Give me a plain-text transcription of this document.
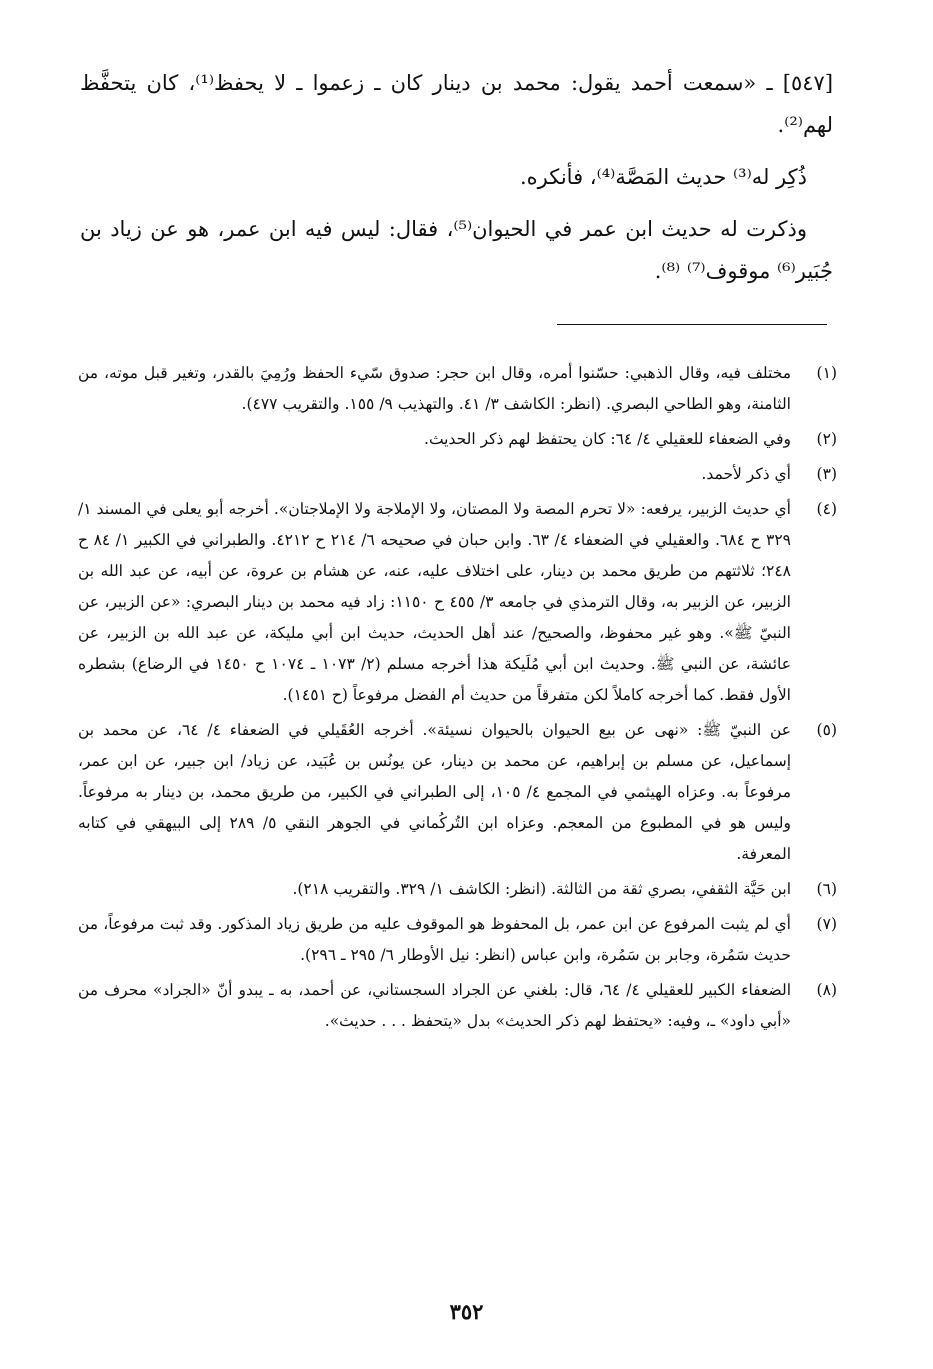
[٥٤٧] ـ «سمعت أحمد يقول: محمد بن دينار كان ـ زعموا ـ لا يحفظ⁽¹⁾، كان يتحفَّظ لهم⁽²⁾.

ذُكِر له⁽³⁾ حديث المَصَّة⁽⁴⁾، فأنكره.

وذكرت له حديث ابن عمر في الحيوان⁽⁵⁾، فقال: ليس فيه ابن عمر، هو عن زياد بن جُبَير⁽⁶⁾ موقوف⁽⁷⁾ ⁽⁸⁾.

(١)
مختلف فيه، وقال الذهبي: حسّنوا أمره، وقال ابن حجر: صدوق سّيء الحفظ ورُمِيَ بالقدر، وتغير قبل موته، من الثامنة، وهو الطاحي البصري. (انظر: الكاشف ٣/ ٤١. والتهذيب ٩/ ١٥٥. والتقريب ٤٧٧).
(٢)
وفي الضعفاء للعقيلي ٤/ ٦٤: كان يحتفظ لهم ذكر الحديث.
(٣)
أي ذكر لأحمد.
(٤)
أي حديث الزبير، يرفعه: «لا تحرم المصة ولا المصتان، ولا الإملاجة ولا الإملاجتان». أخرجه أبو يعلى في المسند ١/ ٣٢٩ ح ٦٨٤. والعقيلي في الضعفاء ٤/ ٦٣. وابن حبان في صحيحه ٦/ ٢١٤ ح ٤٢١٢. والطبراني في الكبير ١/ ٨٤ ح ٢٤٨؛ ثلاثتهم من طريق محمد بن دينار، على اختلاف عليه، عنه، عن هشام بن عروة، عن أبيه، عن عبد الله بن الزبير، عن الزبير به، وقال الترمذي في جامعه ٣/ ٤٥٥ ح ١١٥٠: زاد فيه محمد بن دينار البصري: «عن الزبير، عن النبيّ ﷺ». وهو غير محفوظ، والصحيح/ عند أهل الحديث، حديث ابن أبي مليكة، عن عبد الله بن الزبير، عن عائشة، عن النبي ﷺ. وحديث ابن أبي مُلَيكة هذا أخرجه مسلم (٢/ ١٠٧٣ ـ ١٠٧٤ ح ١٤٥٠ في الرضاع) بشطره الأول فقط. كما أخرجه كاملاً لكن متفرقاً من حديث أم الفضل مرفوعاً (ح ١٤٥١).
(٥)
عن النبيّ ﷺ: «نهى عن بيع الحيوان بالحيوان نسيئة». أخرجه العُقَيلي في الضعفاء ٤/ ٦٤، عن محمد بن إسماعيل، عن مسلم بن إبراهيم، عن محمد بن دينار، عن يونُس بن عُبَيد، عن زياد/ ابن جبير، عن ابن عمر، مرفوعاً به. وعزاه الهيثمي في المجمع ٤/ ١٠٥، إلى الطبراني في الكبير، من طريق محمد، بن دينار به مرفوعاً. وليس هو في المطبوع من المعجم. وعزاه ابن التُركُماني في الجوهر النقي ٥/ ٢٨٩ إلى البيهقي في كتابه المعرفة.
(٦)
ابن حَيَّة الثقفي، بصري ثقة من الثالثة. (انظر: الكاشف ١/ ٣٢٩. والتقريب ٢١٨).
(٧)
أي لم يثبت المرفوع عن ابن عمر، بل المحفوظ هو الموقوف عليه من طريق زياد المذكور. وقد ثبت مرفوعاً، من حديث سَمُرة، وجابر بن سَمُرة، وابن عباس (انظر: نيل الأوطار ٦/ ٢٩٥ ـ ٢٩٦).
(٨)
الضعفاء الكبير للعقيلي ٤/ ٦٤، قال: بلغني عن الجراد السجستاني، عن أحمد، به ـ يبدو أنّ «الجراد» محرف من «أبي داود» ـ، وفيه: «يحتفظ لهم ذكر الحديث» بدل «يتحفظ . . . حديث».
٣٥٢
